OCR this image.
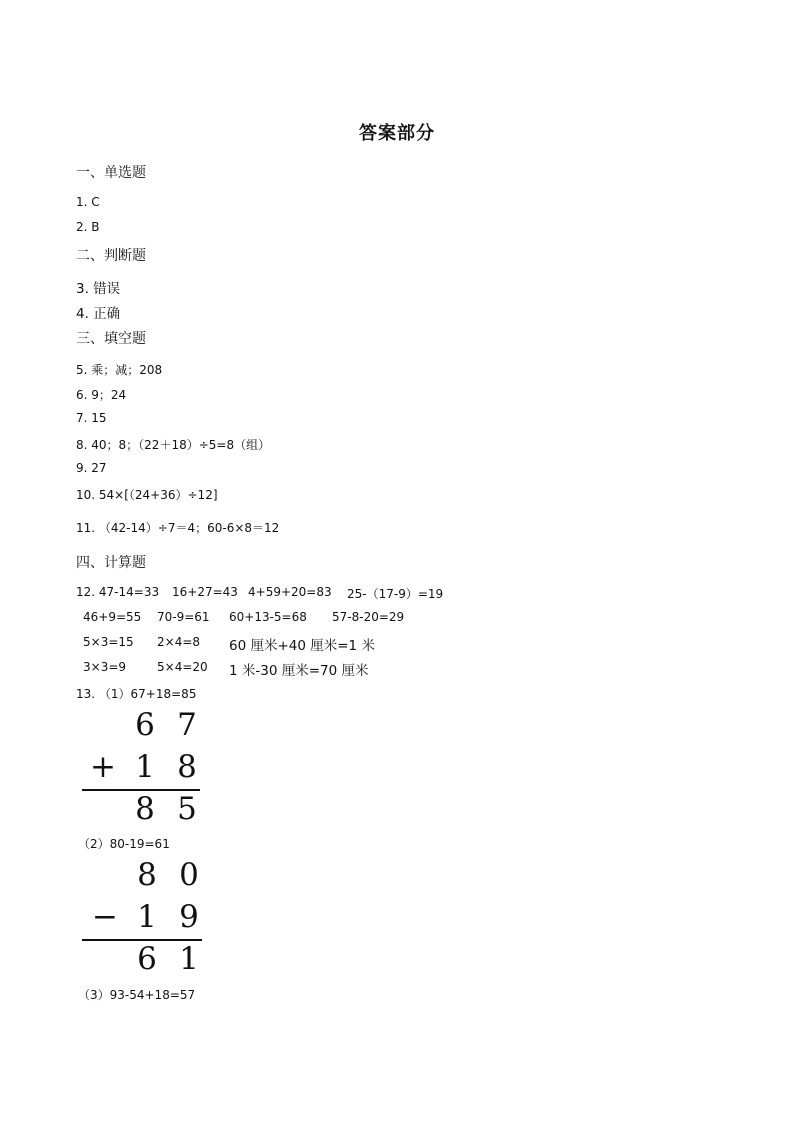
答案部分
一、单选题
1. C
2. B
二、判断题
3. 错误
4. 正确
三、填空题
5. 乘；减；208
6. 9；24
7. 15
8. 40；8；（22＋18）÷5=8（组）
9. 27
10. 54×[（24+36）÷12]
11. （42-14）÷7＝4；60-6×8＝12
四、计算题
12. 47-14=33 16+27=43 4+59+20=83 25-（17-9）=19
46+9=55 70-9=61 60+13-5=68 57-8-20=29
5×3=15 2×4=8 60 厘米+40 厘米=1 米
3×3=9	5×4=20 1 米-30 厘米=70 厘米
13. （1）67+18=85
6 7
+ 1 8
8 5
（2）80-19=61
8 0
− 1 9
6 1
（3）93-54+18=57
